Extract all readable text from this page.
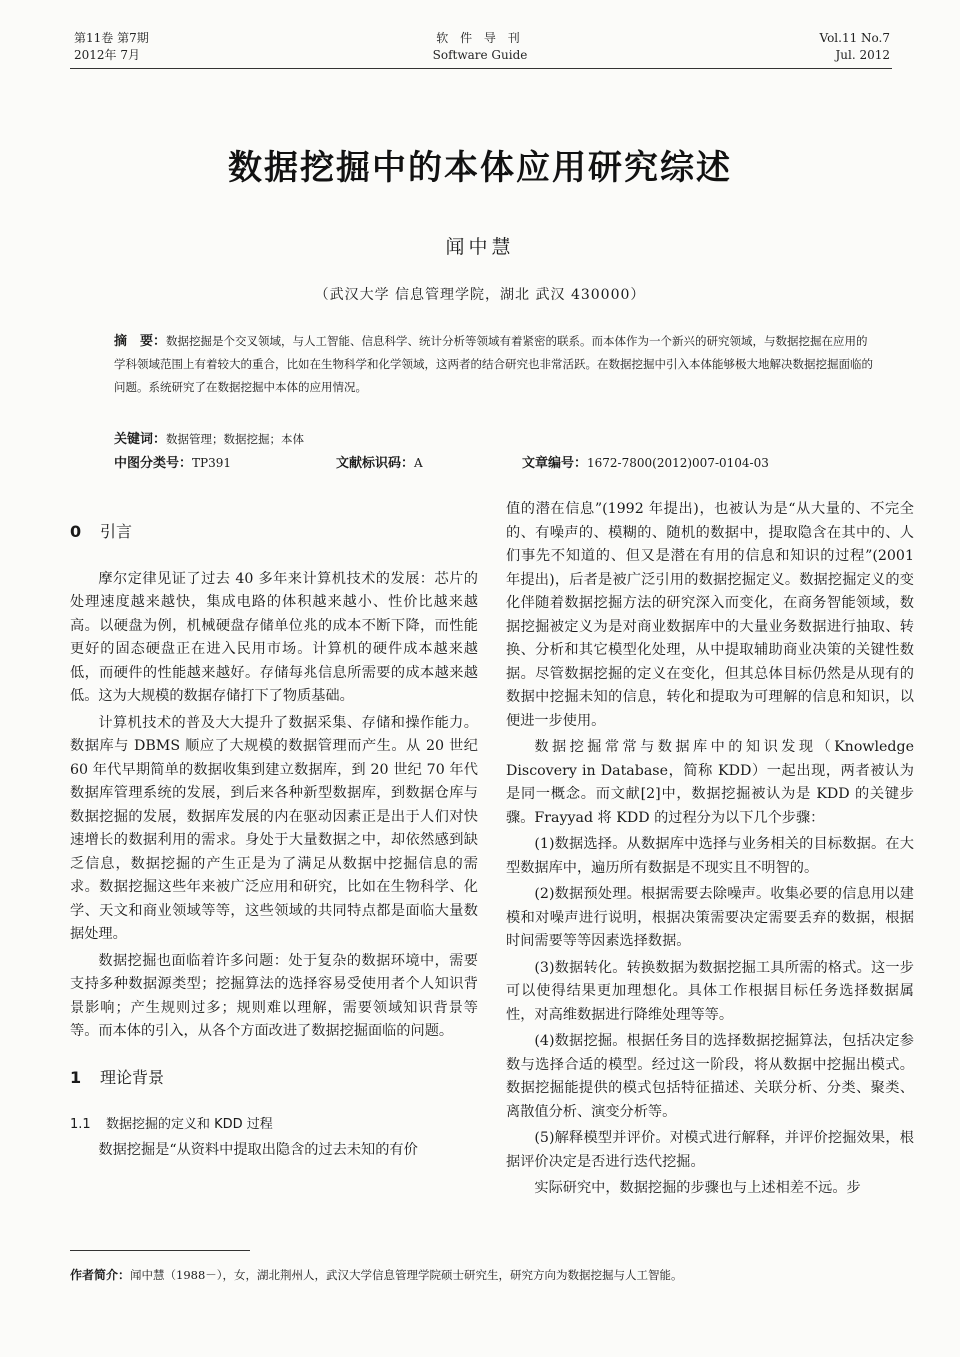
第11卷 第7期
2012年 7月
软 件 导 刊
Software Guide
Vol.11 No.7
Jul. 2012
数据挖掘中的本体应用研究综述
闻中慧
（武汉大学 信息管理学院，湖北 武汉 430000）
摘　要：数据挖掘是个交叉领域，与人工智能、信息科学、统计分析等领域有着紧密的联系。而本体作为一个新兴的研究领域，与数据挖掘在应用的学科领域范围上有着较大的重合，比如在生物科学和化学领域，这两者的结合研究也非常活跃。在数据挖掘中引入本体能够极大地解决数据挖掘面临的问题。系统研究了在数据挖掘中本体的应用情况。
关键词：数据管理；数据挖掘；本体
中图分类号：TP391	文献标识码：A	文章编号：1672-7800(2012)007-0104-03
0 引言

摩尔定律见证了过去 40 多年来计算机技术的发展：芯片的处理速度越来越快，集成电路的体积越来越小、性价比越来越高。以硬盘为例，机械硬盘存储单位兆的成本不断下降，而性能更好的固态硬盘正在进入民用市场。计算机的硬件成本越来越低，而硬件的性能越来越好。存储每兆信息所需要的成本越来越低。这为大规模的数据存储打下了物质基础。

计算机技术的普及大大提升了数据采集、存储和操作能力。数据库与 DBMS 顺应了大规模的数据管理而产生。从 20 世纪 60 年代早期简单的数据收集到建立数据库，到 20 世纪 70 年代数据库管理系统的发展，到后来各种新型数据库，到数据仓库与数据挖掘的发展，数据库发展的内在驱动因素正是出于人们对快速增长的数据利用的需求。身处于大量数据之中，却依然感到缺乏信息，数据挖掘的产生正是为了满足从数据中挖掘信息的需求。数据挖掘这些年来被广泛应用和研究，比如在生物科学、化学、天文和商业领域等等，这些领域的共同特点都是面临大量数据处理。

数据挖掘也面临着许多问题：处于复杂的数据环境中，需要支持多种数据源类型；挖掘算法的选择容易受使用者个人知识背景影响；产生规则过多；规则难以理解，需要领域知识背景等等。而本体的引入，从各个方面改进了数据挖掘面临的问题。

1 理论背景
1.1 数据挖掘的定义和 KDD 过程

数据挖掘是“从资料中提取出隐含的过去未知的有价

值的潜在信息”(1992 年提出)，也被认为是“从大量的、不完全的、有噪声的、模糊的、随机的数据中，提取隐含在其中的、人们事先不知道的、但又是潜在有用的信息和知识的过程”(2001 年提出)，后者是被广泛引用的数据挖掘定义。数据挖掘定义的变化伴随着数据挖掘方法的研究深入而变化，在商务智能领域，数据挖掘被定义为是对商业数据库中的大量业务数据进行抽取、转换、分析和其它模型化处理，从中提取辅助商业决策的关键性数据。尽管数据挖掘的定义在变化，但其总体目标仍然是从现有的数据中挖掘未知的信息，转化和提取为可理解的信息和知识，以便进一步使用。

数据挖掘常常与数据库中的知识发现（Knowledge Discovery in Database，简称 KDD）一起出现，两者被认为是同一概念。而文献[2]中，数据挖掘被认为是 KDD 的关键步骤。Frayyad 将 KDD 的过程分为以下几个步骤：

(1)数据选择。从数据库中选择与业务相关的目标数据。在大型数据库中，遍历所有数据是不现实且不明智的。

(2)数据预处理。根据需要去除噪声。收集必要的信息用以建模和对噪声进行说明，根据决策需要决定需要丢弃的数据，根据时间需要等等因素选择数据。

(3)数据转化。转换数据为数据挖掘工具所需的格式。这一步可以使得结果更加理想化。具体工作根据目标任务选择数据属性，对高维数据进行降维处理等等。

(4)数据挖掘。根据任务目的选择数据挖掘算法，包括决定参数与选择合适的模型。经过这一阶段，将从数据中挖掘出模式。数据挖掘能提供的模式包括特征描述、关联分析、分类、聚类、离散值分析、演变分析等。

(5)解释模型并评价。对模式进行解释，并评价挖掘效果，根据评价决定是否进行迭代挖掘。

实际研究中，数据挖掘的步骤也与上述相差不远。步

作者简介：闻中慧（1988－），女，湖北荆州人，武汉大学信息管理学院硕士研究生，研究方向为数据挖掘与人工智能。
